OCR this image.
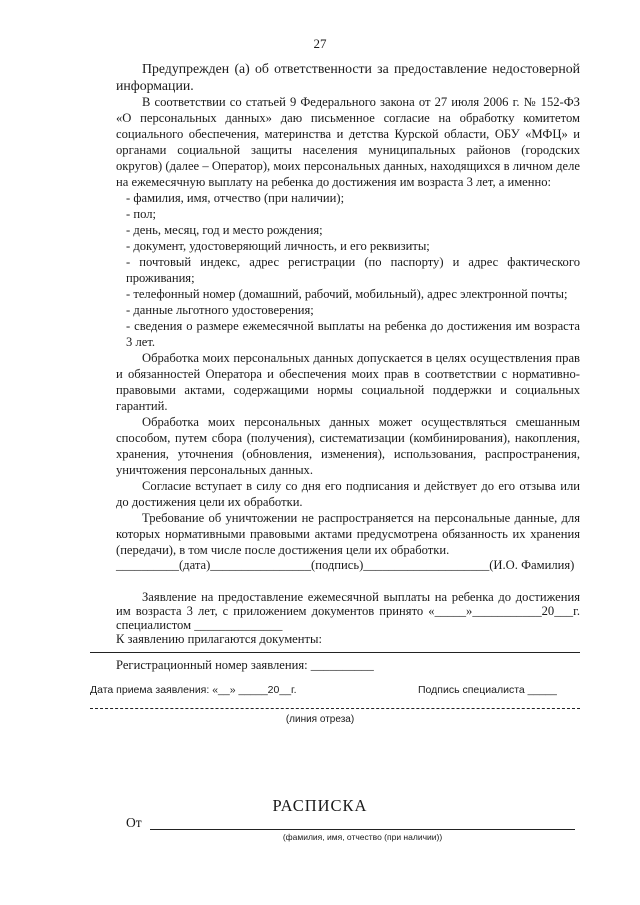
27

Предупрежден (а) об ответственности за предоставление недостоверной информации.

В соответствии со статьей 9 Федерального закона от 27 июля 2006 г. № 152-ФЗ «О персональных данных» даю письменное согласие на обработку комитетом социального обеспечения, материнства и детства Курской области, ОБУ «МФЦ» и органами социальной защиты населения муниципальных районов (городских округов) (далее – Оператор), моих персональных данных, находящихся в личном деле на ежемесячную выплату на ребенка до достижения им возраста 3 лет, а именно:

- фамилия, имя, отчество (при наличии);

- пол;

- день, месяц, год и место рождения;

- документ, удостоверяющий личность, и его реквизиты;

- почтовый индекс, адрес регистрации (по паспорту) и адрес фактического проживания;

- телефонный номер (домашний, рабочий, мобильный), адрес электронной почты;

- данные льготного удостоверения;

- сведения о размере ежемесячной выплаты на ребенка до достижения им возраста 3 лет.

Обработка моих персональных данных допускается в целях осуществления прав и обязанностей Оператора и обеспечения моих прав в соответствии с нормативно-правовыми актами, содержащими нормы социальной поддержки и социальных гарантий.

Обработка моих персональных данных может осуществляться смешанным способом, путем сбора (получения), систематизации (комбинирования), накопления, хранения, уточнения (обновления, изменения), использования, распространения, уничтожения персональных данных.

Согласие вступает в силу со дня его подписания и действует до его отзыва или до достижения цели их обработки.

Требование об уничтожении не распространяется на персональные данные, для которых нормативными правовыми актами предусмотрена обязанность их хранения (передачи), в том числе после достижения цели их обработки.

__________(дата)________________(подпись)____________________(И.О. Фамилия)

Заявление на предоставление ежемесячной выплаты на ребенка до достижения им возраста 3 лет, с приложением документов принято «_____»___________20___г. специалистом ______________

К заявлению прилагаются документы:

Регистрационный номер заявления: __________
Дата приема заявления: «__» _____20__г.	Подпись специалиста _____
(линия отреза)
РАСПИСКА
От
(фамилия, имя, отчество (при наличии))
